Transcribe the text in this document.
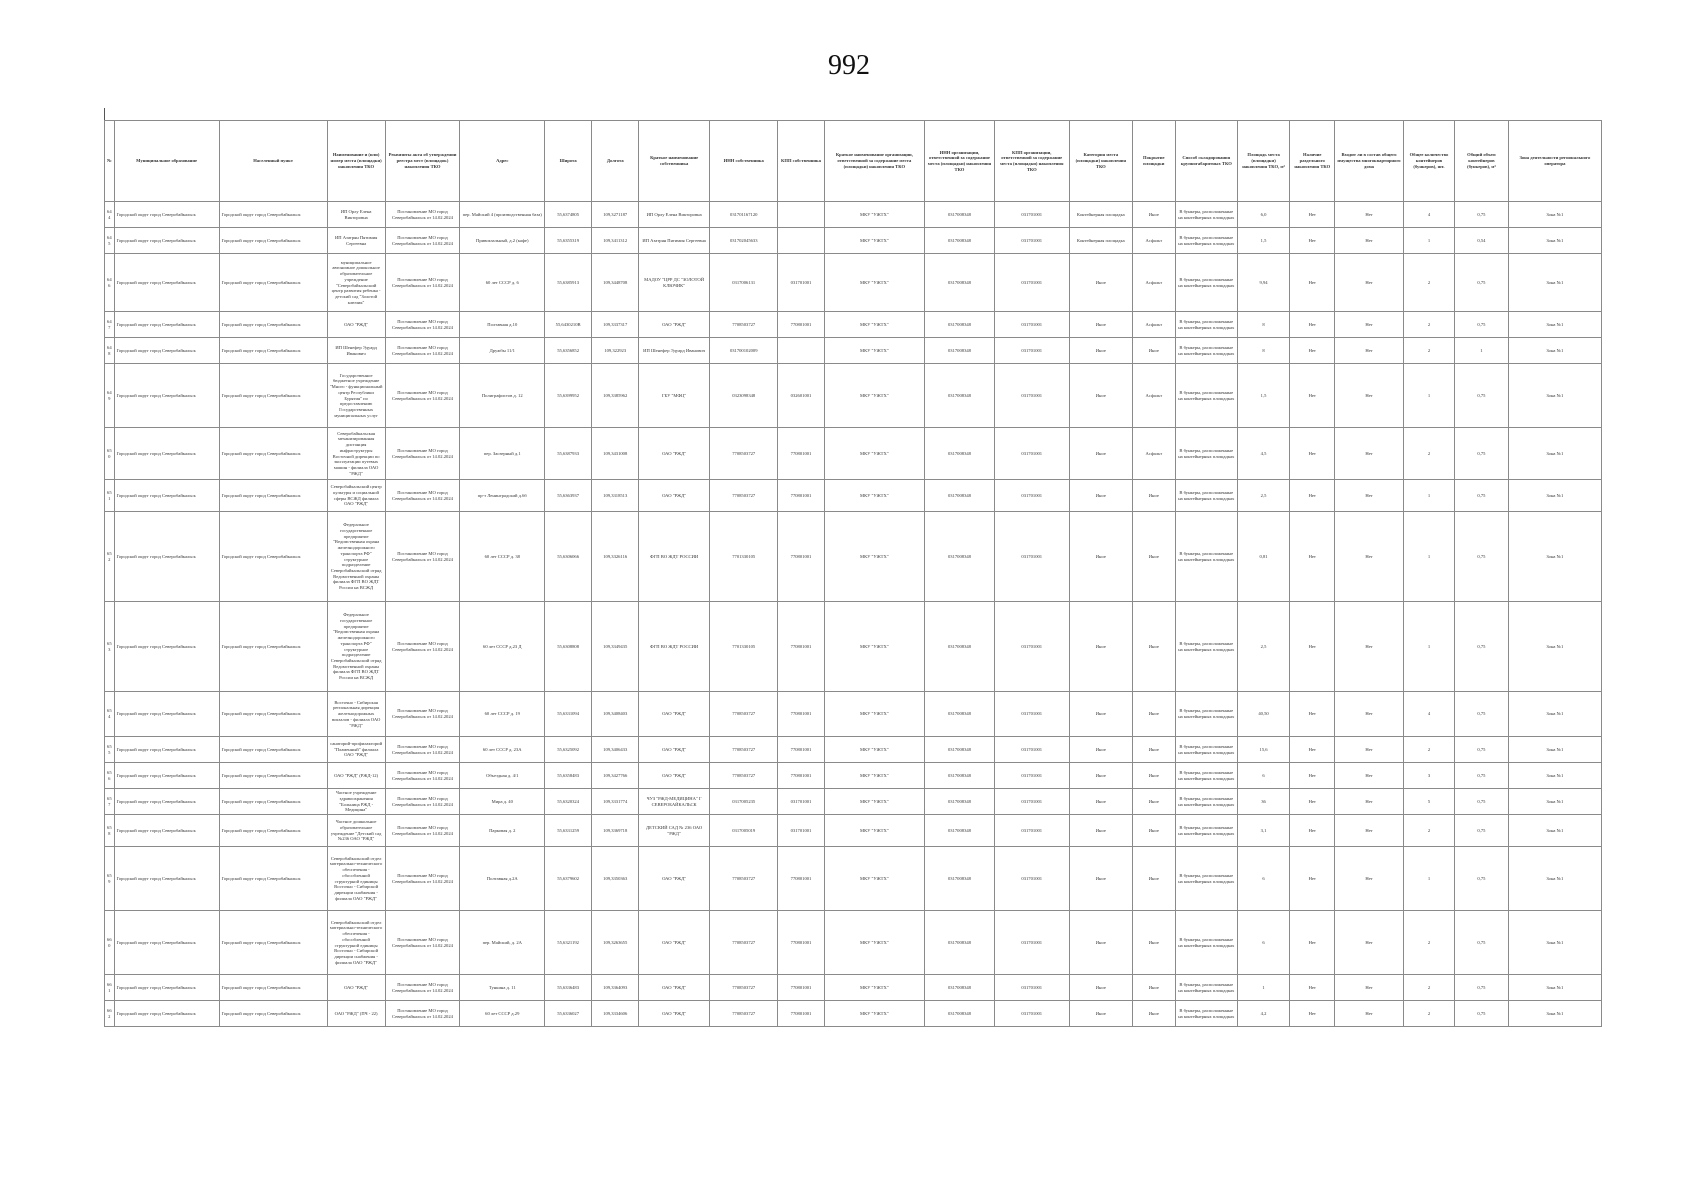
992
№	Муниципальное образование	Населенный пункт	Наименование и (или) номер места (площадки) накопления ТКО	Реквизиты акта об утверждении реестра мест (площадок) накопления ТКО	Адрес	Широта	Долгота	Краткое наименование собственника	ИНН собственника	КПП собственника	Краткое наименование организации, ответственной за содержание места (площадки) накопления ТКО	ИНН организации, ответственной за содержание места (площадки) накопления ТКО	КПП организации, ответственной за содержание места (площадки) накопления ТКО	Категория места (площадки) накопления ТКО	Покрытие площадки	Способ складирования крупногабаритных ТКО	Площадь места (площадки) накопления ТКО, м²	Наличие раздельного накопления ТКО	Входит ли в состав общего имущества многоквартирного дома	Общее количество контейнеров (бункеров), шт.	Общий объем контейнеров (бункеров), м³	Зона деятельности регионального оператора
644	Городской округ город Северобайкальск	Городской округ город Северобайкальск	ИП Орлу Елена Викторовна	Постановление МО город Северобайкальск от 14.02.2024	пер. Майский 4 (производственная база)	55,6374805	109,3271187	ИП Орлу Елена Викторовна	031701167120		МКУ "УЖТХ"	0317008348	031701001	Контейнерная площадка	Иное	В бункеры, расположенные на контейнерных площадках	6,0	Нет	Нет	4	0,75	Зона №1
645	Городской округ город Северобайкальск	Городской округ город Северобайкальск	ИП Азатрян Пятимия Сергеевна	Постановление МО город Северобайкальск от 14.02.2024	Привокзальный, д.2 (кафе)	55,6355319	109,3411312	ИП Азатрян Пятимия Сергеевна	031702045633		МКУ "УЖТХ"	0317008348	031701001	Контейнерная площадка	Асфальт	В бункеры, расположенные на контейнерных площадках	1,5	Нет	Нет	1	0,54	Зона №1
646	Городской округ город Северобайкальск	Городской округ город Северобайкальск	муниципальное автономное дошкольное образовательное учреждение "Северобайкальский центр развития ребенка - детский сад "Золотой ключик"	Постановление МО город Северобайкальск от 14.02.2024	60 лет СССР д. 6	55,6385913	109,3448708	МАДОУ "ЦРР ДС "ЗОЛОТОЙ КЛЮЧИК"	0317006131	031701001	МКУ "УЖТХ"	0317008348	031701001	Иное	Асфальт	В бункеры, расположенные на контейнерных площадках	9,94	Нет	Нет	2	0,75	Зона №1
647	Городской округ город Северобайкальск	Городской округ город Северобайкальск	ОАО "РЖД"	Постановление МО город Северобайкальск от 14.02.2024	Полтавная д.10	55,6430210В	109,3337317	ОАО "РЖД"	7708503727	770801001	МКУ "УЖТХ"	0317008348	031701001	Иное	Асфальт	В бункеры, расположенные на контейнерных площадках	8	Нет	Нет	2	0,75	Зона №1
648	Городской округ город Северобайкальск	Городской округ город Северобайкальск	ИП Шенефер Эдуард Иванович	Постановление МО город Северобайкальск от 14.02.2024	Дружбы 11/1	55,6356852	109,322923	ИП Шенефер Эдуард Иванович	031700102009		МКУ "УЖТХ"	0317008348	031701001	Иное	Иное	В бункеры, расположенные на контейнерных площадках	8	Нет	Нет	2	1	Зона №1
649	Городской округ город Северобайкальск	Городской округ город Северобайкальск	Государственное бюджетное учреждение "Много - функциональный центр Республики Бурятия" по предоставлению Государственных муниципальных услуг	Постановление МО город Северобайкальск от 14.02.2024	Полиграфистов д. 12	55,6399952	109,3385962	ГБУ "МФЦ"	0323098348	032601001	МКУ "УЖТХ"	0317008348	031701001	Иное	Асфальт	В бункеры, расположенные на контейнерных площадках	1,5	Нет	Нет	1	0,75	Зона №1
650	Городской округ город Северобайкальск	Городской округ город Северобайкальск	Северобайкальская механизированная дистанция инфраструктуры Восточной дирекции по эксплуатации путевых машин - филиала ОАО "РЖД"	Постановление МО город Северобайкальск от 14.02.2024	пер. Заозерный д.1	55,6387933	109,3431008	ОАО "РЖД"	7708503727	770801001	МКУ "УЖТХ"	0317008348	031701001	Иное	Асфальт	В бункеры, расположенные на контейнерных площадках	4,5	Нет	Нет	2	0,75	Зона №1
651	Городской округ город Северобайкальск	Городской округ город Северобайкальск	Северобайкальский центр культуры и социальной сферы ВСЖД филиала ОАО "РЖД"	Постановление МО город Северобайкальск от 14.02.2024	пр-т Ленинградский д.6б	55,6363937	109,3318513	ОАО "РЖД"	7708503727	770801001	МКУ "УЖТХ"	0317008348	031701001	Иное	Иное	В бункеры, расположенные на контейнерных площадках	2,5	Нет	Нет	1	0,75	Зона №1
652	Городской округ город Северобайкальск	Городской округ город Северобайкальск	Федеральное государственное предприятие "Ведомственная охрана железнодорожного транспорта РФ" структурное подразделение Северобайкальский отряд Ведомственной охраны филиала ФГП ВО ЖДТ России на ВСЖД	Постановление МО город Северобайкальск от 14.02.2024	60 лет СССР д. 38	55,6306066	109,3326116	ФГП ВО ЖДТ РОССИИ	7701330105	770801001	МКУ "УЖТХ"	0317008348	031701001	Иное	Иное	В бункеры, расположенные на контейнерных площадках	0,81	Нет	Нет	1	0,75	Зона №1
653	Городской округ город Северобайкальск	Городской округ город Северобайкальск	Федеральное государственное предприятие "Ведомственная охрана железнодорожного транспорта РФ" структурное подразделение Северобайкальский отряд Ведомственной охраны филиала ФГП ВО ЖДТ России на ВСЖД	Постановление МО город Северобайкальск от 14.02.2024	60 лет СССР д.23 Д	55,6308808	109,3349435	ФГП ВО ЖДТ РОССИИ	7701330105	770801001	МКУ "УЖТХ"	0317008348	031701001	Иное	Иное	В бункеры, расположенные на контейнерных площадках	2,5	Нет	Нет	1	0,75	Зона №1
654	Городской округ город Северобайкальск	Городской округ город Северобайкальск	Восточно - Сибирская региональная дирекция железнодорожных вокзалов - филиала ОАО "РЖД"	Постановление МО город Северобайкальск от 14.02.2024	60 лет СССР д. 19	55,6331094	109,3408403	ОАО "РЖД"	7708503727	770801001	МКУ "УЖТХ"	0317008348	031701001	Иное	Иное	В бункеры, расположенные на контейнерных площадках	40,50	Нет	Нет	4	0,75	Зона №1
655	Городской округ город Северобайкальск	Городской округ город Северобайкальск	санаторий-профилакторий "Пламенный" филиала ОАО "РЖД"	Постановление МО город Северобайкальск от 14.02.2024	60 лет СССР д. 23А	55,6325092	109,3406433	ОАО "РЖД"	7708503727	770801001	МКУ "УЖТХ"	0317008348	031701001	Иное	Иное	В бункеры, расположенные на контейнерных площадках	15,6	Нет	Нет	2	0,75	Зона №1
656	Городской округ город Северобайкальск	Городской округ город Северобайкальск	ОАО "РЖД" (РЖД-12)	Постановление МО город Северобайкальск от 14.02.2024	Объездная д. 4/1	55,6358483	109,3427766	ОАО "РЖД"	7708503727	770801001	МКУ "УЖТХ"	0317008348	031701001	Иное	Иное	В бункеры, расположенные на контейнерных площадках	6	Нет	Нет	3	0,75	Зона №1
657	Городской округ город Северобайкальск	Городской округ город Северобайкальск	Частное учреждение здравоохранения "Больница РЖД - Медицина"	Постановление МО город Северобайкальск от 14.02.2024	Мира д. 40	55,6320324	109,3331774	ЧУЗ "РЖД-МЕДИЦИНА" Г СЕВЕРОБАЙКАЛЬСК	0317005235	031701001	МКУ "УЖТХ"	0317008348	031701001	Иное	Иное	В бункеры, расположенные на контейнерных площадках	36	Нет	Нет	5	0,75	Зона №1
658	Городской округ город Северобайкальск	Городской округ город Северобайкальск	Частное дошкольное образовательное учреждение "Детский сад №236 ОАО "РЖД"	Постановление МО город Северобайкальск от 14.02.2024	Парковая д. 2	55,6331259	109,3369718	ДЕТСКИЙ САД № 236 ОАО "РЖД"	0317005019	031701001	МКУ "УЖТХ"	0317008348	031701001	Иное	Иное	В бункеры, расположенные на контейнерных площадках	3,1	Нет	Нет	2	0,75	Зона №1
659	Городской округ город Северобайкальск	Городской округ город Северобайкальск	Северобайкальский отдел материально-технического обеспечения - обособленной структурной единицы Восточно - Сибирской дирекции снабжения - филиала ОАО "РЖД"	Постановление МО город Северобайкальск от 14.02.2024	Полтавная д.2А	55,6379602	109,3350363	ОАО "РЖД"	7708503727	770801001	МКУ "УЖТХ"	0317008348	031701001	Иное	Иное	В бункеры, расположенные на контейнерных площадках	6	Нет	Нет	1	0,75	Зона №1
660	Городской округ город Северобайкальск	Городской округ город Северобайкальск	Северобайкальский отдел материально-технического обеспечения - обособленной структурной единицы Восточно - Сибирской дирекции снабжения - филиала ОАО "РЖД"	Постановление МО город Северобайкальск от 14.02.2024	пер. Майский, д. 2А	55,6321192	109,3263655	ОАО "РЖД"	7708503727	770801001	МКУ "УЖТХ"	0317008348	031701001	Иное	Иное	В бункеры, расположенные на контейнерных площадках	6	Нет	Нет	2	0,75	Зона №1
661	Городской округ город Северобайкальск	Городской округ город Северобайкальск	ОАО "РЖД"	Постановление МО город Северобайкальск от 14.02.2024	Тункина д. 11	55,6336483	109,3364093	ОАО "РЖД"	7708503727	770801001	МКУ "УЖТХ"	0317008348	031701001	Иное	Иное	В бункеры, расположенные на контейнерных площадках	1	Нет	Нет	2	0,75	Зона №1
662	Городской округ город Северобайкальск	Городской округ город Северобайкальск	ОАО "РЖД" (ПЧ - 22)	Постановление МО город Северобайкальск от 14.02.2024	60 лет СССР д.29	55,6336027	109,3334606	ОАО "РЖД"	7708503727	770801001	МКУ "УЖТХ"	0317008348	031701001	Иное	Иное	В бункеры, расположенные на контейнерных площадках	4,2	Нет	Нет	2	0,75	Зона №1
